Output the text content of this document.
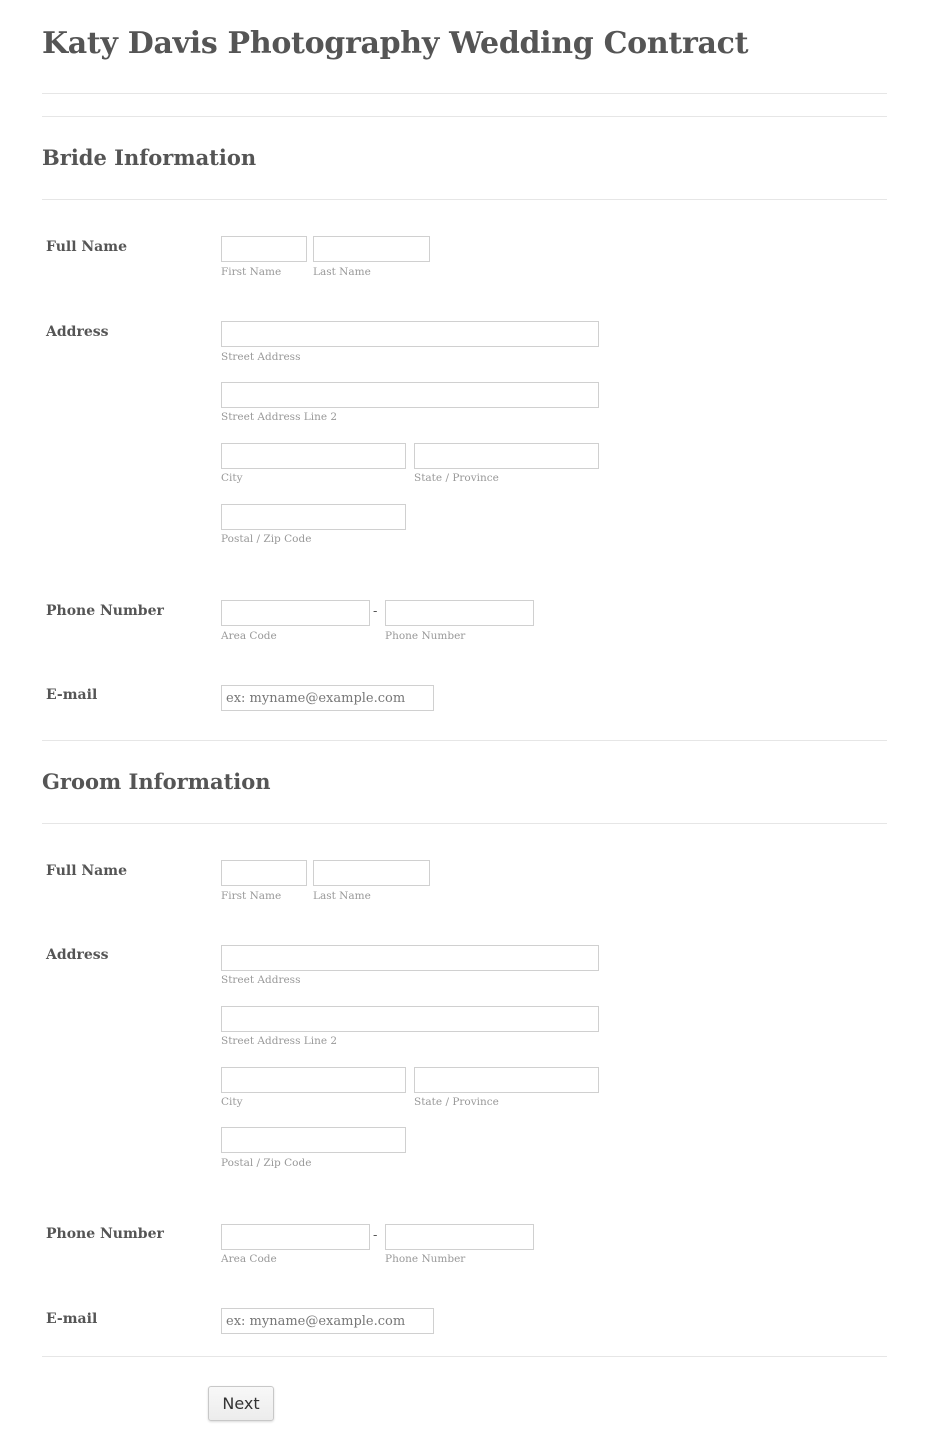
Katy Davis Photography Wedding Contract
Bride Information
Full Name
First Name	Last Name
Address
Street Address
Street Address Line 2
City	State / Province
Postal / Zip Code
Phone Number	-
Area Code	Phone Number
E-mail
ex: myname@example.com
Groom Information
Full Name
First Name	Last Name
Address
Street Address
Street Address Line 2
City	State / Province
Postal / Zip Code
Phone Number	-
Area Code	Phone Number
E-mail
ex: myname@example.com
Next
